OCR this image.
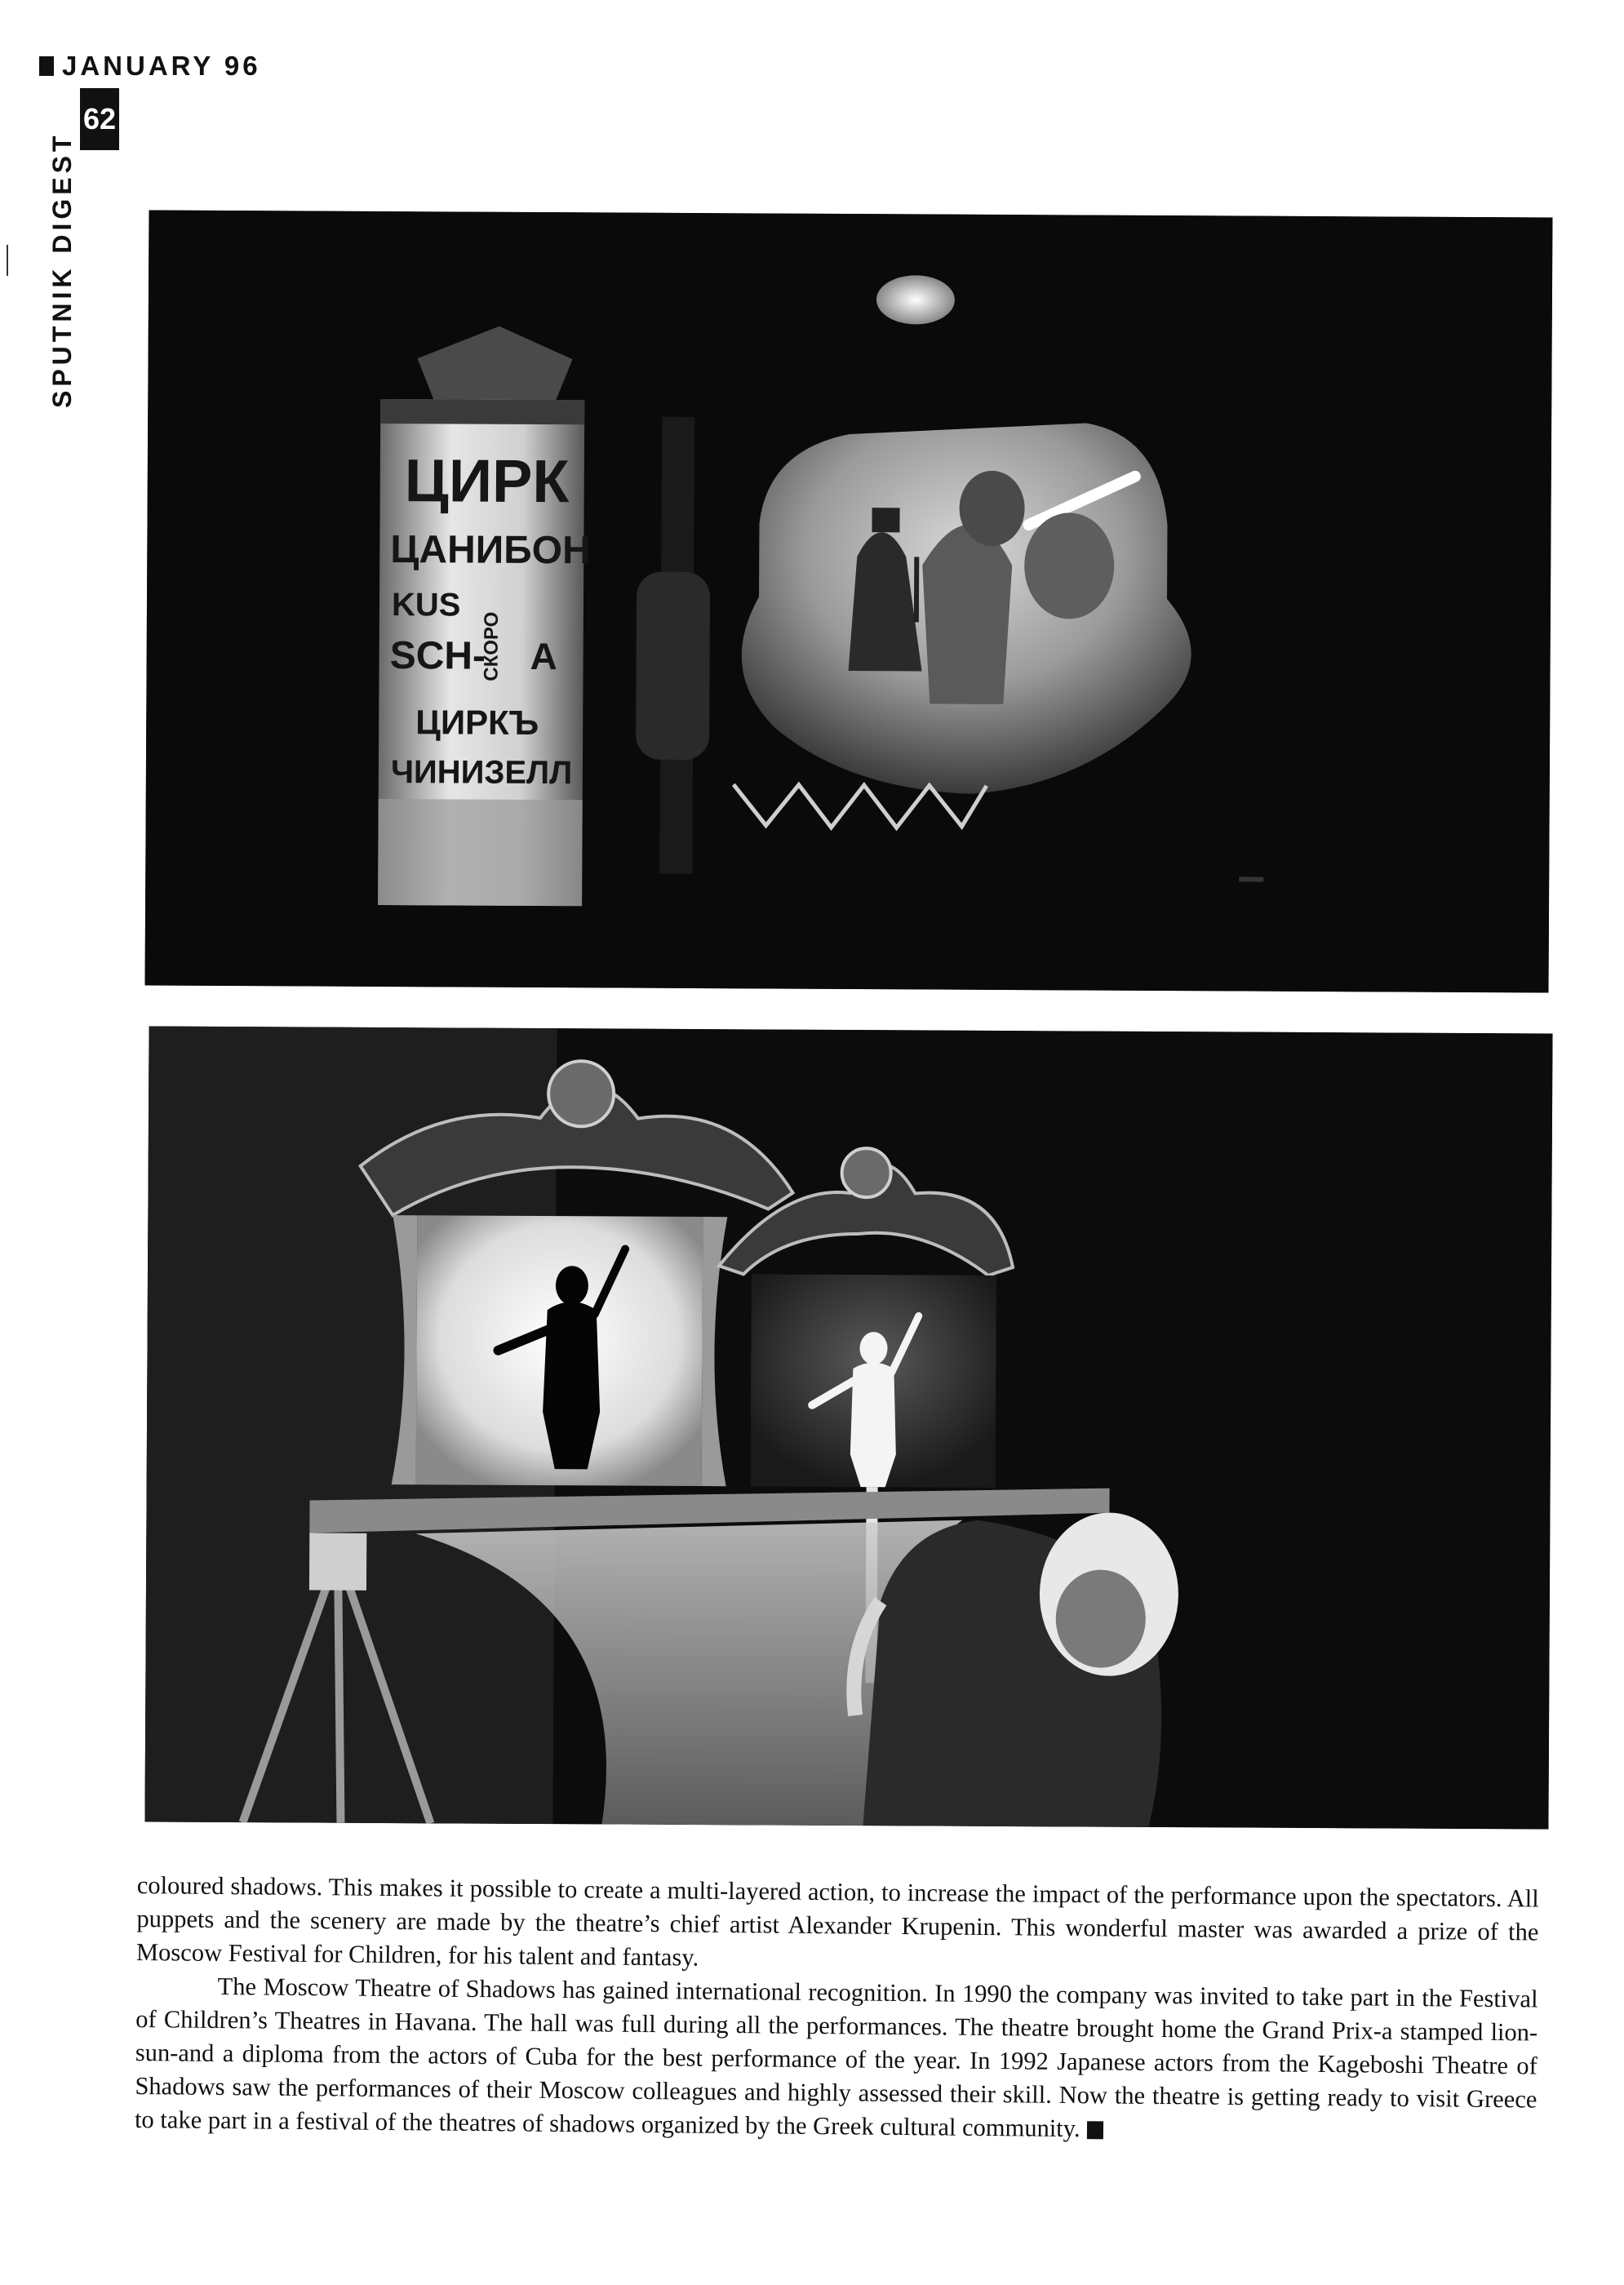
JANUARY 96
62
SPUTNIK DIGEST
ЦИРК
ЦАНИБОН
KUS
SCH-
СКОРО А
ЦИРКЪ
ЧИНИЗЕЛЛ

coloured shadows. This makes it possible to create a multi-layered action, to increase the impact of the performance upon the spectators. All puppets and the scenery are made by the theatre’s chief artist Alexander Krupenin. This wonderful master was awarded a prize of the Moscow Festival for Children, for his talent and fantasy.

The Moscow Theatre of Shadows has gained international recognition. In 1990 the company was invited to take part in the Festival of Children’s Theatres in Havana. The hall was full during all the performances. The theatre brought home the Grand Prix-a stamped lion-sun-and a diploma from the actors of Cuba for the best performance of the year. In 1992 Japanese actors from the Kageboshi Theatre of Shadows saw the performances of their Moscow colleagues and highly assessed their skill. Now the theatre is getting ready to visit Greece to take part in a festival of the theatres of shadows organized by the Greek cultural community.
